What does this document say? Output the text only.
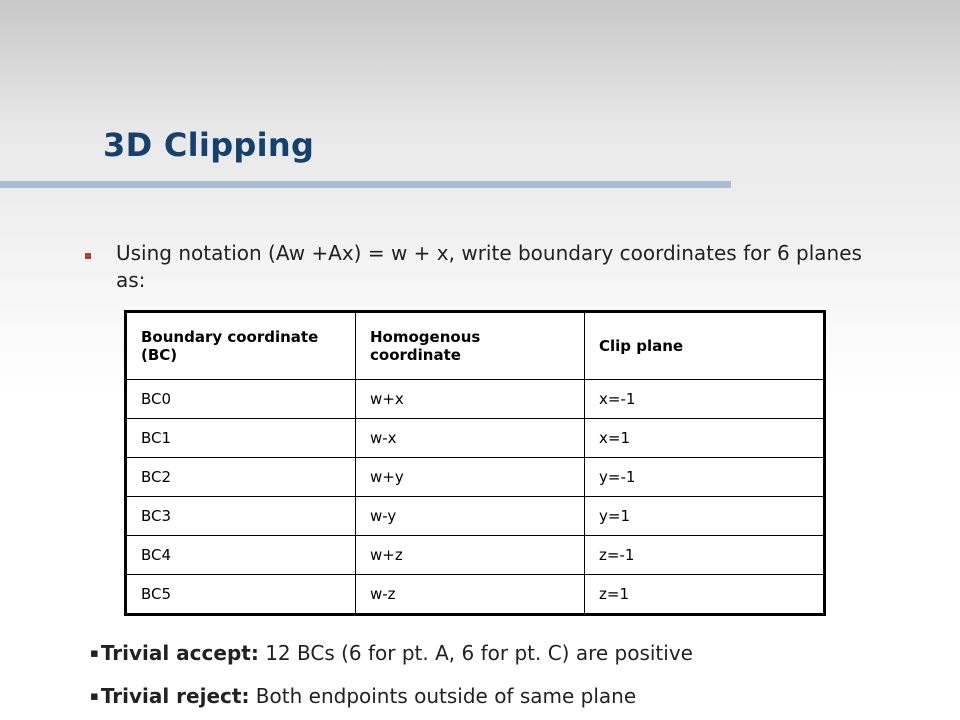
3D Clipping
Using notation (Aw +Ax) = w + x, write boundary coordinates for 6 planes as:
Boundary coordinate (BC)	Homogenous coordinate	Clip plane
BC0	w+x	x=-1
BC1	w-x	x=1
BC2	w+y	y=-1
BC3	w-y	y=1
BC4	w+z	z=-1
BC5	w-z	z=1
▪ Trivial accept: 12 BCs (6 for pt. A, 6 for pt. C) are positive
▪ Trivial reject: Both endpoints outside of same plane
